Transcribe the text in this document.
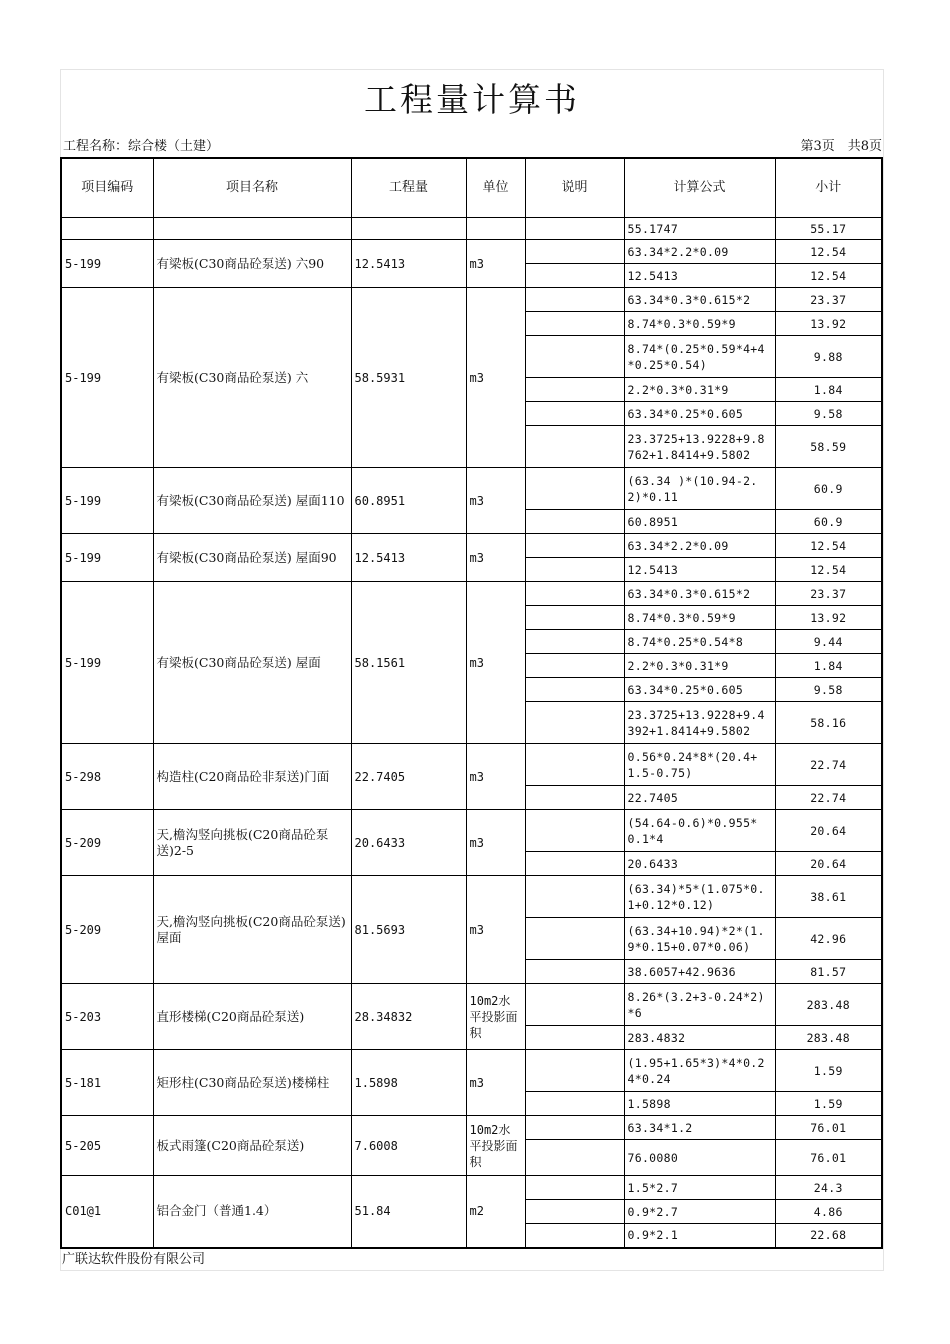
工程量计算书
工程名称：综合楼（土建）	第3页　共8页
项目编码	项目名称	工程量	单位	说明	计算公式	小计
					55.1747	55.17
5-199	有梁板(C30商品砼泵送) 六90	12.5413	m3		63.34*2.2*0.09	12.54
					12.5413	12.54
5-199	有梁板(C30商品砼泵送) 六	58.5931	m3		63.34*0.3*0.615*2	23.37
					8.74*0.3*0.59*9	13.92
					8.74*(0.25*0.59*4+4*0.25*0.54)	9.88
					2.2*0.3*0.31*9	1.84
					63.34*0.25*0.605	9.58
					23.3725+13.9228+9.8762+1.8414+9.5802	58.59
5-199	有梁板(C30商品砼泵送) 屋面110	60.8951	m3		(63.34 )*(10.94-2.2)*0.11	60.9
					60.8951	60.9
5-199	有梁板(C30商品砼泵送) 屋面90	12.5413	m3		63.34*2.2*0.09	12.54
					12.5413	12.54
5-199	有梁板(C30商品砼泵送) 屋面	58.1561	m3		63.34*0.3*0.615*2	23.37
					8.74*0.3*0.59*9	13.92
					8.74*0.25*0.54*8	9.44
					2.2*0.3*0.31*9	1.84
					63.34*0.25*0.605	9.58
					23.3725+13.9228+9.4392+1.8414+9.5802	58.16
5-298	构造柱(C20商品砼非泵送)门面	22.7405	m3		0.56*0.24*8*(20.4+1.5-0.75)	22.74
					22.7405	22.74
5-209	天,檐沟竖向挑板(C20商品砼泵送)2-5	20.6433	m3		(54.64-0.6)*0.955*0.1*4	20.64
					20.6433	20.64
5-209	天,檐沟竖向挑板(C20商品砼泵送)屋面	81.5693	m3		(63.34)*5*(1.075*0.1+0.12*0.12)	38.61
					(63.34+10.94)*2*(1.9*0.15+0.07*0.06)	42.96
					38.6057+42.9636	81.57
5-203	直形楼梯(C20商品砼泵送)	28.34832	10m2水平投影面积		8.26*(3.2+3-0.24*2)*6	283.48
					283.4832	283.48
5-181	矩形柱(C30商品砼泵送)楼梯柱	1.5898	m3		(1.95+1.65*3)*4*0.24*0.24	1.59
					1.5898	1.59
5-205	板式雨篷(C20商品砼泵送)	7.6008	10m2水平投影面积		63.34*1.2	76.01
					76.0080	76.01
C01@1	铝合金门（普通1.4）	51.84	m2		1.5*2.7	24.3
					0.9*2.7	4.86
					0.9*2.1	22.68
广联达软件股份有限公司
